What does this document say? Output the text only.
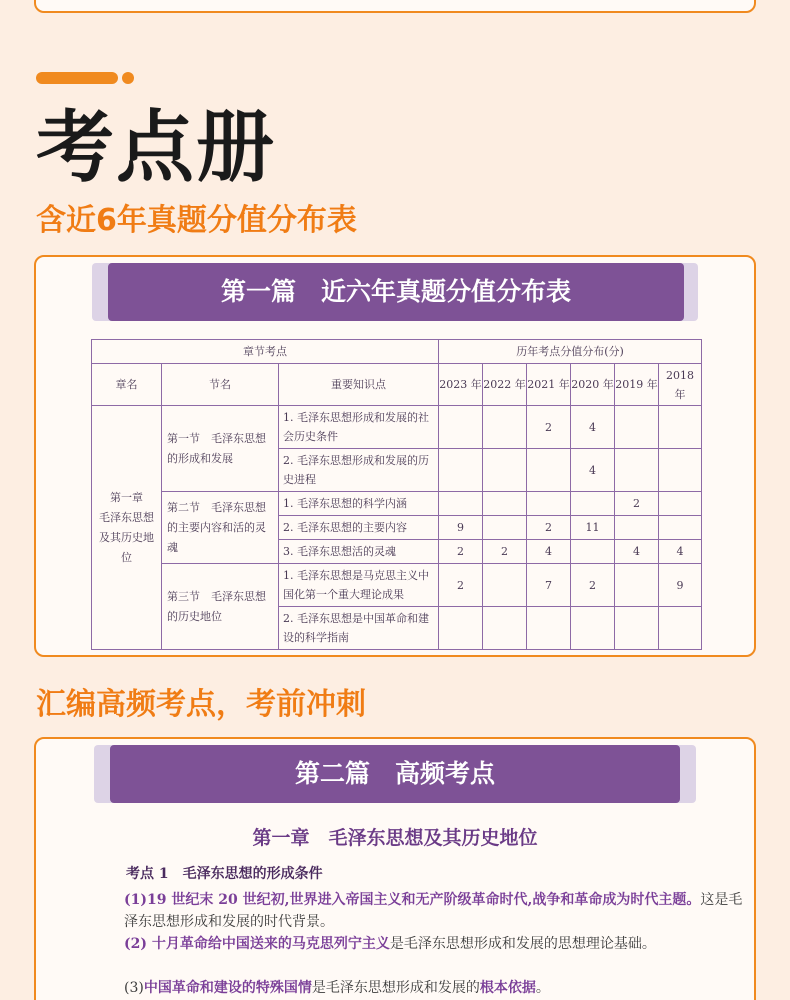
考点册
含近6年真题分值分布表
第一篇　近六年真题分值分布表
章节考点			历年考点分值分布(分)					
章名	节名	重要知识点	2023 年	2022 年	2021 年	2020 年	2019 年	2018 年
第一章
毛泽东思想及其历史地位	第一节　毛泽东思想的形成和发展	1. 毛泽东思想形成和发展的社会历史条件			2	4		
		2. 毛泽东思想形成和发展的历史进程				4		
	第二节　毛泽东思想的主要内容和活的灵魂	1. 毛泽东思想的科学内涵					2	
		2. 毛泽东思想的主要内容	9		2	11		
		3. 毛泽东思想活的灵魂	2	2	4		4	4
	第三节　毛泽东思想的历史地位	1. 毛泽东思想是马克思主义中国化第一个重大理论成果	2		7	2		9
		2. 毛泽东思想是中国革命和建设的科学指南						
汇编高频考点，考前冲刺
第二篇　高频考点
第一章　毛泽东思想及其历史地位
考点 1　毛泽东思想的形成条件
(1)19 世纪末 20 世纪初,世界进入帝国主义和无产阶级革命时代,战争和革命成为时代主题。这是毛泽东思想形成和发展的时代背景。
(2) 十月革命给中国送来的马克思列宁主义是毛泽东思想形成和发展的思想理论基础。
(3)中国革命和建设的特殊国情是毛泽东思想形成和发展的根本依据。
